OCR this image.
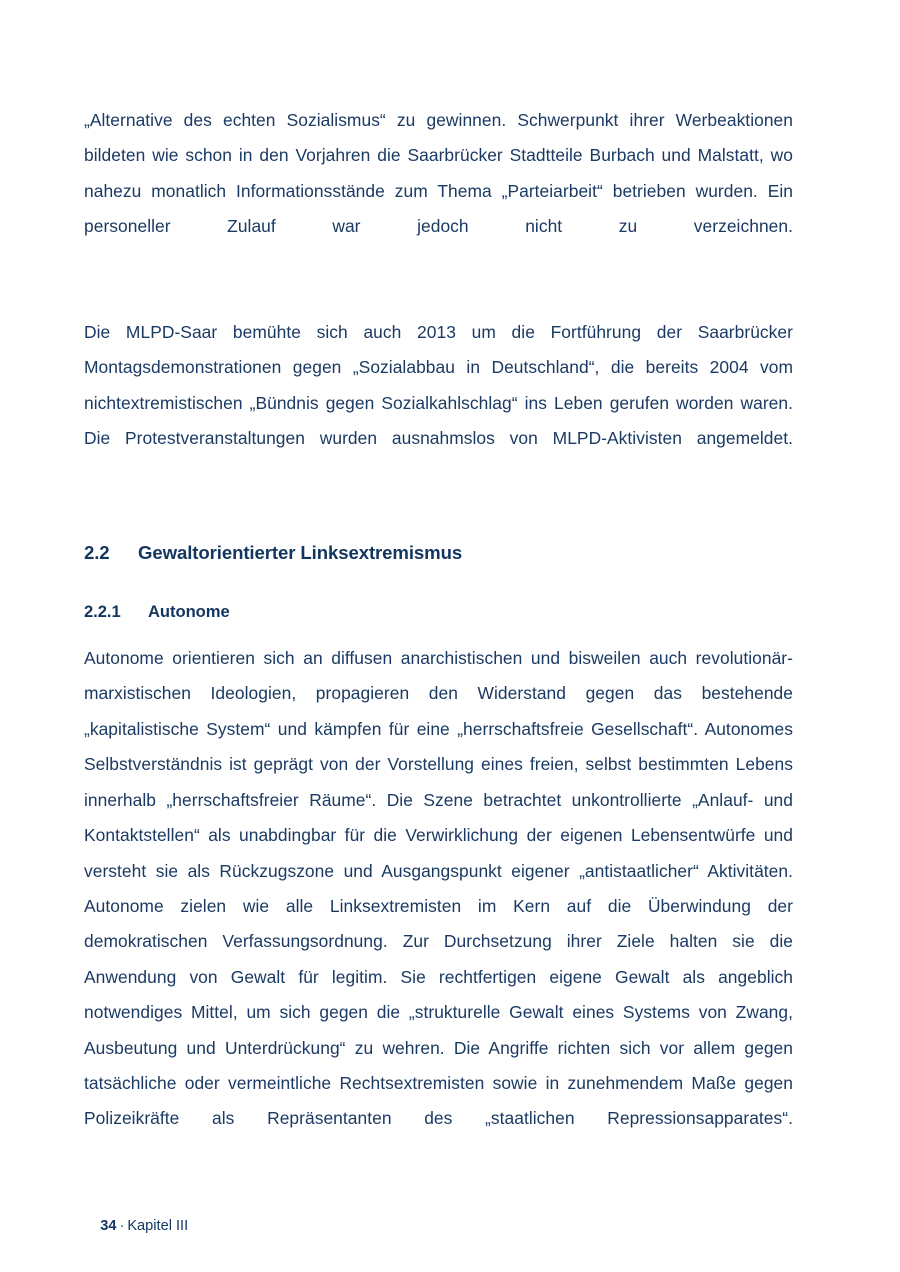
„Alternative des echten Sozialismus“ zu gewinnen. Schwerpunkt ihrer Werbeaktionen bildeten wie schon in den Vorjahren die Saarbrücker Stadtteile Burbach und Malstatt, wo nahezu monatlich Informationsstände zum Thema „Parteiarbeit“ betrieben wurden. Ein personeller Zulauf war jedoch nicht zu verzeichnen.

Die MLPD-Saar bemühte sich auch 2013 um die Fortführung der Saarbrücker Montagsdemonstrationen gegen „Sozialabbau in Deutschland“, die bereits 2004 vom nichtextremistischen „Bündnis gegen Sozialkahlschlag“ ins Leben gerufen worden waren. Die Protestveranstaltungen wurden ausnahmslos von MLPD-Aktivisten angemeldet.

2.2	Gewaltorientierter Linksextremismus
2.2.1	Autonome

Autonome orientieren sich an diffusen anarchistischen und bisweilen auch revolutionär-marxistischen Ideologien, propagieren den Widerstand gegen das bestehende „kapitalistische System“ und kämpfen für eine „herrschaftsfreie Gesellschaft“. Autonomes Selbstverständnis ist geprägt von der Vorstellung eines freien, selbst bestimmten Lebens innerhalb „herrschaftsfreier Räume“. Die Szene betrachtet unkontrollierte „Anlauf- und Kontaktstellen“ als unabdingbar für die Verwirklichung der eigenen Lebensentwürfe und versteht sie als Rückzugszone und Ausgangspunkt eigener „antistaatlicher“ Aktivitäten. Autonome zielen wie alle Linksextremisten im Kern auf die Überwindung der demokratischen Verfassungsordnung. Zur Durchsetzung ihrer Ziele halten sie die Anwendung von Gewalt für legitim. Sie rechtfertigen eigene Gewalt als angeblich notwendiges Mittel, um sich gegen die „strukturelle Gewalt eines Systems von Zwang, Ausbeutung und Unterdrückung“ zu wehren. Die Angriffe richten sich vor allem gegen tatsächliche oder vermeintliche Rechtsextremisten sowie in zunehmendem Maße gegen Polizeikräfte als Repräsentanten des „staatlichen Repressionsapparates“.

34 · Kapitel III
